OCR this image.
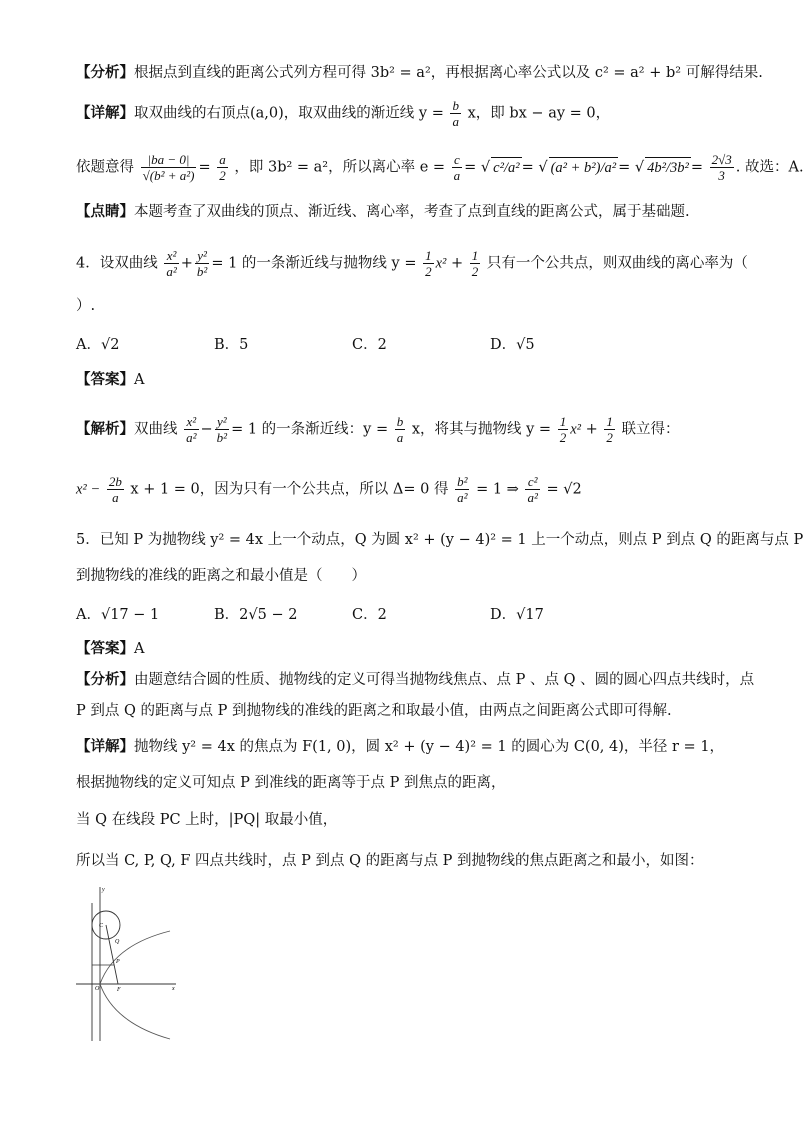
【分析】根据点到直线的距离公式列方程可得 3b² = a²，再根据离心率公式以及 c² = a² + b² 可解得结果.
【详解】取双曲线的右顶点(a,0)，取双曲线的渐近线 $y = \frac{b}{a}$ x，即 bx − ay = 0，
依题意得 $\frac{|ba - 0|}{\text{√(b² + a²)}} = \frac{a}{2}$ ，即 3b² = a²，所以离心率 $e = \frac{c}{a}$ = √ c²/a² = √ (a² + b²)/a² = √ $4b^2/3b^2 = \frac{2√3}{3}$ . 故选：A.
【点睛】本题考查了双曲线的顶点、渐近线、离心率，考查了点到直线的距离公式，属于基础题.
4．设双曲线 $\frac{\text{x²}}{\text{a²}} + \frac{\text{y²}}{\text{b²}} = 1$ 的一条渐近线与抛物线 $y = \frac{1}{2} x^2 + \frac{1}{2}$ 只有一个公共点，则双曲线的离心率为（
）.
A．√2	B．5	C．2	D．√5
【答案】A
【解析】双曲线 $\frac{\text{x²}}{\text{a²}} - \frac{\text{y²}}{\text{b²}} = 1$ 的一条渐近线：$y = \frac{b}{a}$ x，将其与抛物线 $y = \frac{1}{2} x^2 + \frac{1}{2}$ 联立得：
$x^2 - \frac{2b}{a}$ x + 1 = 0，因为只有一个公共点，所以 Δ= 0 得 $\frac{\text{b²}}{\text{a²}} = 1$ ⇒ $\frac{\text{c²}}{\text{a²}} = √2$
5．已知 P 为抛物线 y² = 4x 上一个动点，Q 为圆 x² + (y − 4)² = 1 上一个动点，则点 P 到点 Q 的距离与点 P
到抛物线的准线的距离之和最小值是（　　）
A．√17 − 1	B．2√5 − 2	C．2	D．√17
【答案】A
【分析】由题意结合圆的性质、抛物线的定义可得当抛物线焦点、点 P 、点 Q 、圆的圆心四点共线时，点
P 到点 Q 的距离与点 P 到抛物线的准线的距离之和取最小值，由两点之间距离公式即可得解.
【详解】抛物线 y² = 4x 的焦点为 F(1, 0)，圆 x² + (y − 4)² = 1 的圆心为 C(0, 4)，半径 r = 1，
根据抛物线的定义可知点 P 到准线的距离等于点 P 到焦点的距离，
当 Q 在线段 PC 上时，|PQ| 取最小值，
所以当 C, P, Q, F 四点共线时，点 P 到点 Q 的距离与点 P 到抛物线的焦点距离之和最小，如图：
y
x
C
Q
P
O	F
